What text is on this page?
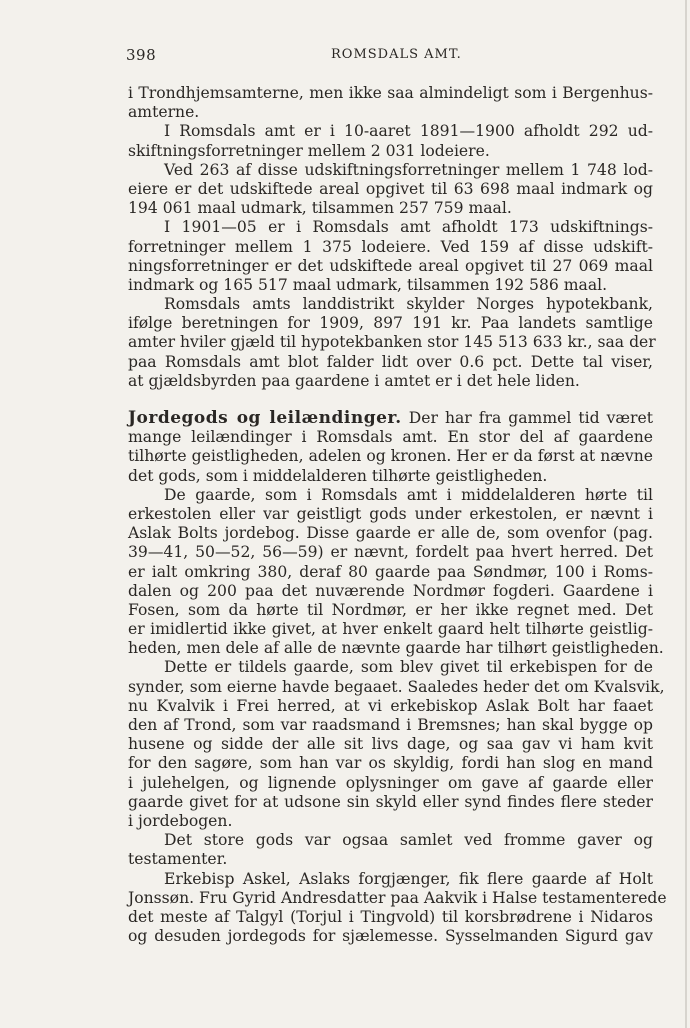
398	ROMSDALS AMT.
i Trondhjemsamterne, men ikke saa almindeligt som i Bergenhus-
amterne.
I Romsdals amt er i 10-aaret 1891—1900 afholdt 292 ud-
skiftningsforretninger mellem 2 031 lodeiere.
Ved 263 af disse udskiftningsforretninger mellem 1 748 lod-
eiere er det udskiftede areal opgivet til 63 698 maal indmark og
194 061 maal udmark, tilsammen 257 759 maal.
I 1901—05 er i Romsdals amt afholdt 173 udskiftnings-
forretninger mellem 1 375 lodeiere. Ved 159 af disse udskift-
ningsforretninger er det udskiftede areal opgivet til 27 069 maal
indmark og 165 517 maal udmark, tilsammen 192 586 maal.
Romsdals amts landdistrikt skylder Norges hypotekbank,
ifølge beretningen for 1909, 897 191 kr. Paa landets samtlige
amter hviler gjæld til hypotekbanken stor 145 513 633 kr., saa der
paa Romsdals amt blot falder lidt over 0.6 pct. Dette tal viser,
at gjældsbyrden paa gaardene i amtet er i det hele liden.
Jordegods og leilændinger. Der har fra gammel tid været
mange leilændinger i Romsdals amt. En stor del af gaardene
tilhørte geistligheden, adelen og kronen. Her er da først at nævne
det gods, som i middelalderen tilhørte geistligheden.
De gaarde, som i Romsdals amt i middelalderen hørte til
erkestolen eller var geistligt gods under erkestolen, er nævnt i
Aslak Bolts jordebog. Disse gaarde er alle de, som ovenfor (pag.
39—41, 50—52, 56—59) er nævnt, fordelt paa hvert herred. Det
er ialt omkring 380, deraf 80 gaarde paa Søndmør, 100 i Roms-
dalen og 200 paa det nuværende Nordmør fogderi. Gaardene i
Fosen, som da hørte til Nordmør, er her ikke regnet med. Det
er imidlertid ikke givet, at hver enkelt gaard helt tilhørte geistlig-
heden, men dele af alle de nævnte gaarde har tilhørt geistligheden.
Dette er tildels gaarde, som blev givet til erkebispen for de
synder, som eierne havde begaaet. Saaledes heder det om Kvalsvik,
nu Kvalvik i Frei herred, at vi erkebiskop Aslak Bolt har faaet
den af Trond, som var raadsmand i Bremsnes; han skal bygge op
husene og sidde der alle sit livs dage, og saa gav vi ham kvit
for den sagøre, som han var os skyldig, fordi han slog en mand
i julehelgen, og lignende oplysninger om gave af gaarde eller
gaarde givet for at udsone sin skyld eller synd findes flere steder
i jordebogen.
Det store gods var ogsaa samlet ved fromme gaver og
testamenter.
Erkebisp Askel, Aslaks forgjænger, fik flere gaarde af Holt
Jonssøn. Fru Gyrid Andresdatter paa Aakvik i Halse testamenterede
det meste af Talgyl (Torjul i Tingvold) til korsbrødrene i Nidaros
og desuden jordegods for sjælemesse. Sysselmanden Sigurd gav
